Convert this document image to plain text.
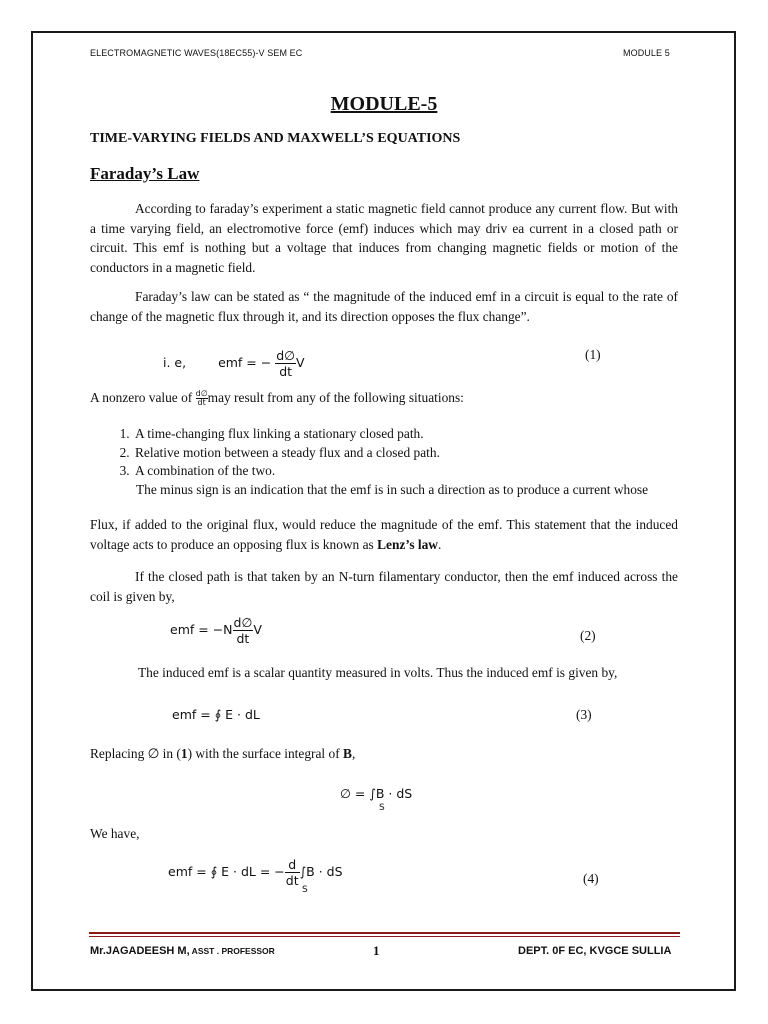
ELECTROMAGNETIC WAVES(18EC55)-V SEM EC	MODULE 5
MODULE-5
TIME-VARYING FIELDS AND MAXWELL’S EQUATIONS
Faraday’s Law
According to faraday’s experiment a static magnetic field cannot produce any current flow. But with a time varying field, an electromotive force (emf) induces which may driv ea current in a closed path or circuit. This emf is nothing but a voltage that induces from changing magnetic fields or motion of the conductors in a magnetic field.
Faraday’s law can be stated as “ the magnitude of the induced emf in a circuit is equal to the rate of change of the magnetic flux through it, and its direction opposes the flux change”.
i. e,	emf = − $\frac{d\emptyset}{dt}$ V
(1)
A nonzero value of $\frac{d\emptyset}{dt}$ may result from any of the following situations:
1. A time-changing flux linking a stationary closed path.
2. Relative motion between a steady flux and a closed path.
3. A combination of the two.
The minus sign is an indication that the emf is in such a direction as to produce a current whose
Flux, if added to the original flux, would reduce the magnitude of the emf. This statement that the induced voltage acts to produce an opposing flux is known as Lenz’s law.
If the closed path is that taken by an N-turn filamentary conductor, then the emf induced across the coil is given by,
emf = $-N \frac{d\emptyset}{dt}$ V	(2)
The induced emf is a scalar quantity measured in volts. Thus the induced emf is given by,
emf = ∮ E · dL	(3)
Replacing ∅ in (1) with the surface integral of B,
∅ = ∫B · dS
S
We have,
emf = ∮ E · dL = − $\frac{d}{dt} \int B$ · dS
S
(4)
Mr.JAGADEESH M, ASST . PROFESSOR	1	DEPT. 0F EC, KVGCE SULLIA
